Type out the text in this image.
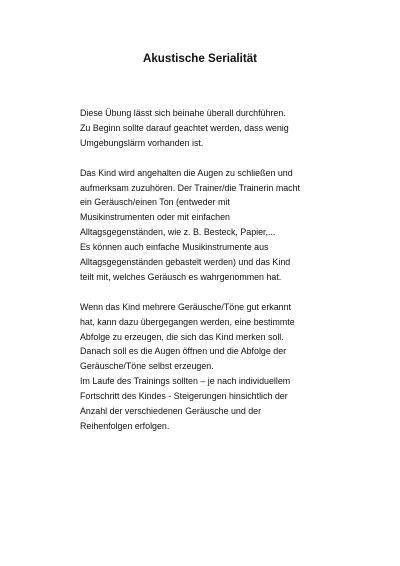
Akustische Serialität

Diese Übung lässt sich beinahe überall durchführen.
Zu Beginn sollte darauf geachtet werden, dass wenig
Umgebungslärm vorhanden ist.

Das Kind wird angehalten die Augen zu schließen und
aufmerksam zuzuhören. Der Trainer/die Trainerin macht
ein Geräusch/einen Ton (entweder mit
Musikinstrumenten oder mit einfachen
Alltagsgegenständen, wie z. B. Besteck, Papier,...
Es können auch einfache Musikinstrumente aus
Alltagsgegenständen gebastelt werden) und das Kind
teilt mit, welches Geräusch es wahrgenommen hat.

Wenn das Kind mehrere Geräusche/Töne gut erkannt
hat, kann dazu übergegangen werden, eine bestimmte
Abfolge zu erzeugen, die sich das Kind merken soll.
Danach soll es die Augen öffnen und die Abfolge der
Geräusche/Töne selbst erzeugen.
Im Laufe des Trainings sollten – je nach individuellem
Fortschritt des Kindes - Steigerungen hinsichtlich der
Anzahl der verschiedenen Geräusche und der
Reihenfolgen erfolgen.
